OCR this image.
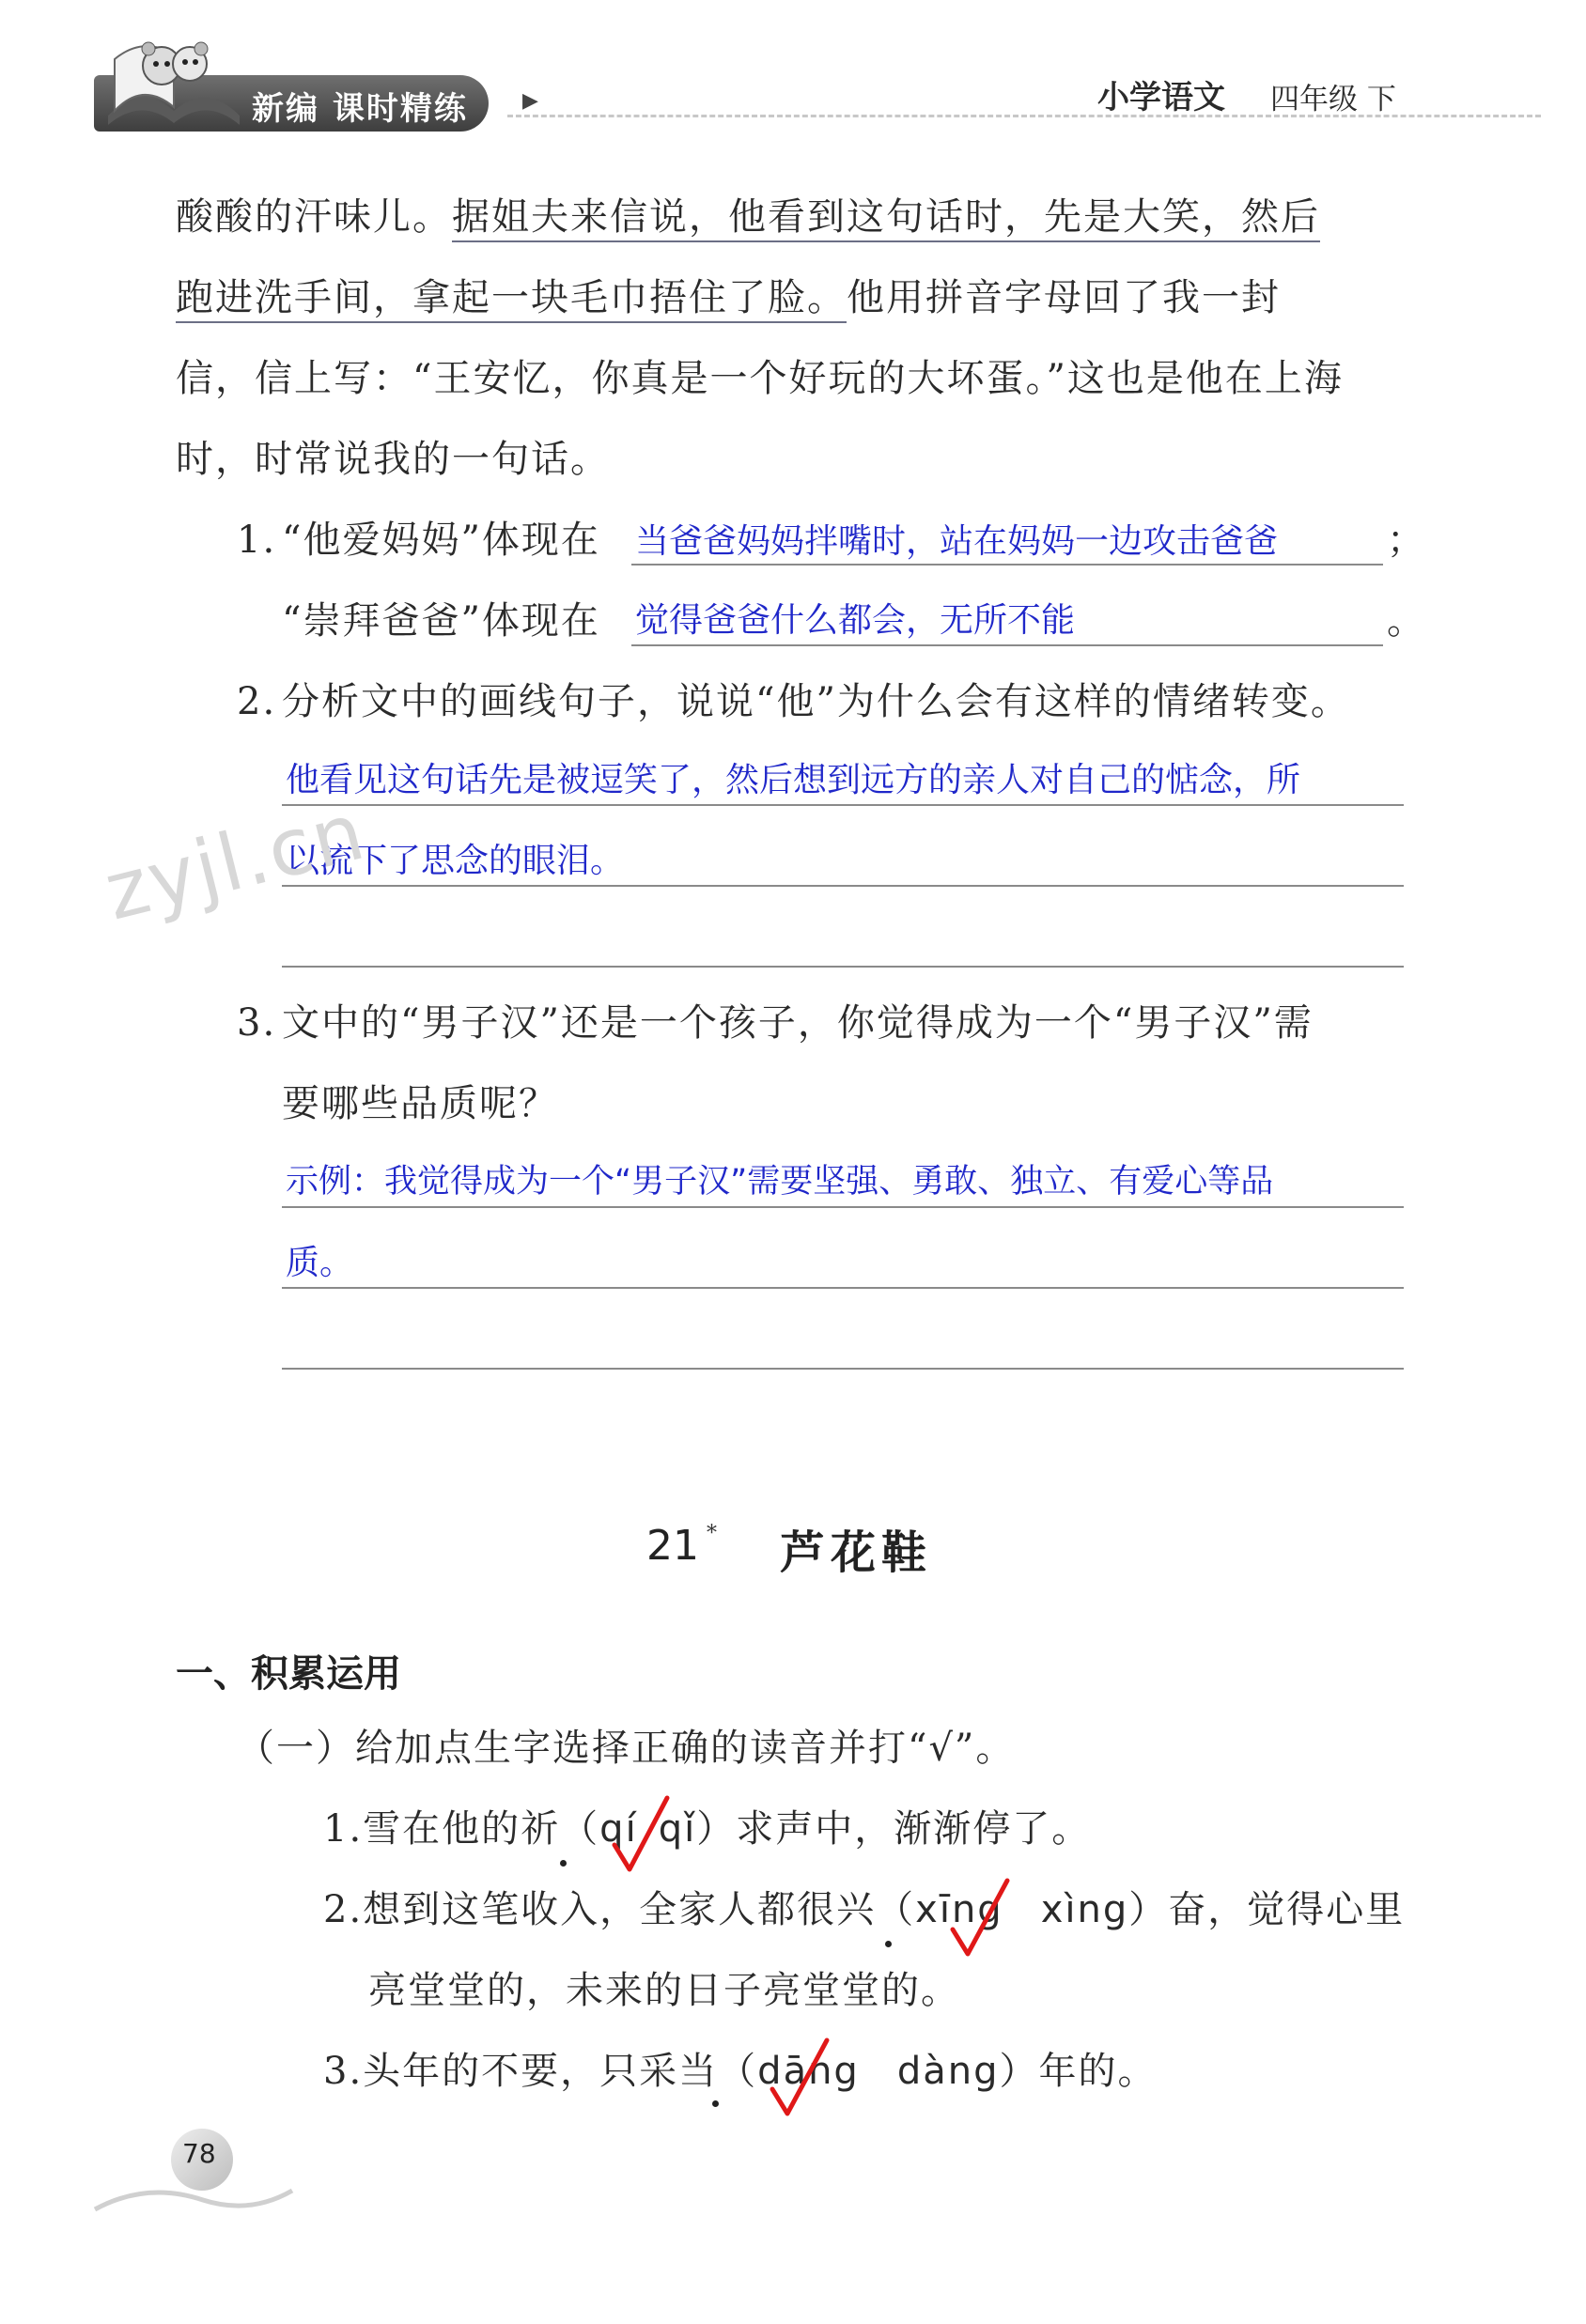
新编 课时精练	▶	小学语文 四年级 下
酸酸的汗味儿。据姐夫来信说，他看到这句话时，先是大笑，然后
跑进洗手间，拿起一块毛巾捂住了脸。他用拼音字母回了我一封
信，信上写：“王安忆，你真是一个好玩的大坏蛋。”这也是他在上海
时，时常说我的一句话。
1. “他爱妈妈”体现在 当爸爸妈妈拌嘴时，站在妈妈一边攻击爸爸	；
“崇拜爸爸”体现在 觉得爸爸什么都会，无所不能	。
2. 分析文中的画线句子，说说“他”为什么会有这样的情绪转变。
他看见这句话先是被逗笑了，然后想到远方的亲人对自己的惦念，所
以流下了思念的眼泪。
zyjl.cn
3. 文中的“男子汉”还是一个孩子，你觉得成为一个“男子汉”需
要哪些品质呢？
示例：我觉得成为一个“男子汉”需要坚强、勇敢、独立、有爱心等品
质。
21 * 芦花鞋
一、积累运用
（一）给加点生字选择正确的读音并打“√”。
1.雪在他的祈（qí qǐ）求声中，渐渐停了。
2.想到这笔收入，全家人都很兴（xīng xìng）奋，觉得心里
亮堂堂的，未来的日子亮堂堂的。
3.头年的不要，只采当（dāng dàng）年的。
78
